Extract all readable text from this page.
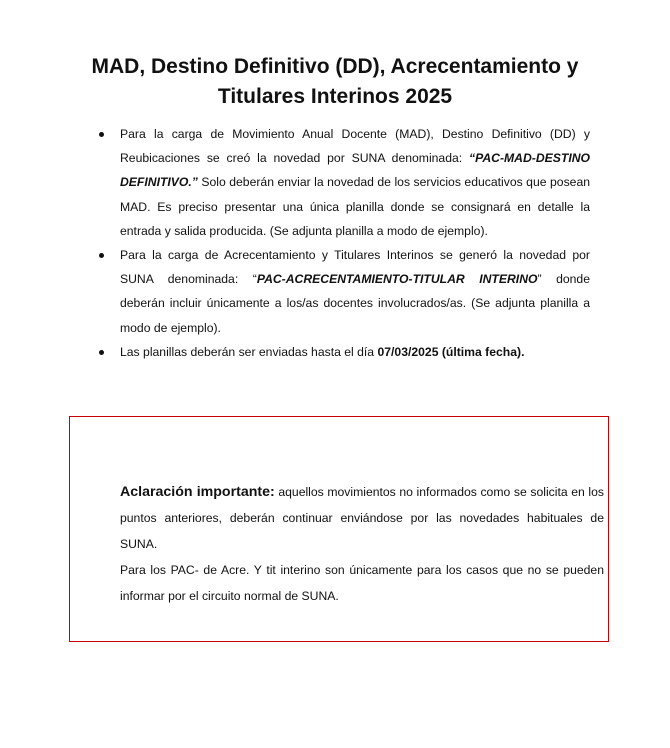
MAD, Destino Definitivo (DD), Acrecentamiento y Titulares Interinos 2025
Para la carga de Movimiento Anual Docente (MAD), Destino Definitivo (DD) y Reubicaciones se creó la novedad por SUNA denominada: “PAC-MAD-DESTINO DEFINITIVO.” Solo deberán enviar la novedad de los servicios educativos que posean MAD. Es preciso presentar una única planilla donde se consignará en detalle la entrada y salida producida. (Se adjunta planilla a modo de ejemplo).
Para la carga de Acrecentamiento y Titulares Interinos se generó la novedad por SUNA denominada: “PAC-ACRECENTAMIENTO-TITULAR INTERINO” donde deberán incluir únicamente a los/as docentes involucrados/as. (Se adjunta planilla a modo de ejemplo).
Las planillas deberán ser enviadas hasta el día 07/03/2025 (última fecha).
Aclaración importante: aquellos movimientos no informados como se solicita en los puntos anteriores, deberán continuar enviándose por las novedades habituales de SUNA.
Para los PAC- de Acre. Y tit interino son únicamente para los casos que no se pueden informar por el circuito normal de SUNA.
